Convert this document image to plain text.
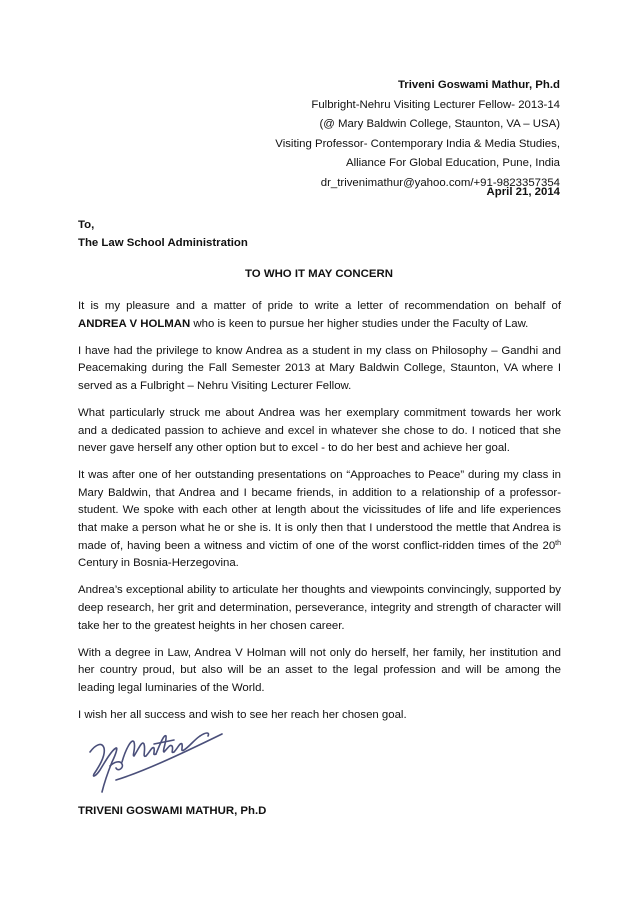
Triveni Goswami Mathur, Ph.d
Fulbright-Nehru Visiting Lecturer Fellow- 2013-14
(@ Mary Baldwin College, Staunton, VA – USA)
Visiting Professor- Contemporary India & Media Studies,
Alliance For Global Education, Pune, India
dr_trivenimathur@yahoo.com/+91-9823357354
April 21, 2014
To,
The Law School Administration
TO WHO IT MAY CONCERN

It is my pleasure and a matter of pride to write a letter of recommendation on behalf of ANDREA V HOLMAN who is keen to pursue her higher studies under the Faculty of Law.

I have had the privilege to know Andrea as a student in my class on Philosophy – Gandhi and Peacemaking during the Fall Semester 2013 at Mary Baldwin College, Staunton, VA where I served as a Fulbright – Nehru Visiting Lecturer Fellow.

What particularly struck me about Andrea was her exemplary commitment towards her work and a dedicated passion to achieve and excel in whatever she chose to do. I noticed that she never gave herself any other option but to excel - to do her best and achieve her goal.

It was after one of her outstanding presentations on “Approaches to Peace” during my class in Mary Baldwin, that Andrea and I became friends, in addition to a relationship of a professor-student. We spoke with each other at length about the vicissitudes of life and life experiences that make a person what he or she is. It is only then that I understood the mettle that Andrea is made of, having been a witness and victim of one of the worst conflict-ridden times of the 20th Century in Bosnia-Herzegovina.

Andrea’s exceptional ability to articulate her thoughts and viewpoints convincingly, supported by deep research, her grit and determination, perseverance, integrity and strength of character will take her to the greatest heights in her chosen career.

With a degree in Law, Andrea V Holman will not only do herself, her family, her institution and her country proud, but also will be an asset to the legal profession and will be among the leading legal luminaries of the World.

I wish her all success and wish to see her reach her chosen goal.

TRIVENI GOSWAMI MATHUR, Ph.D
